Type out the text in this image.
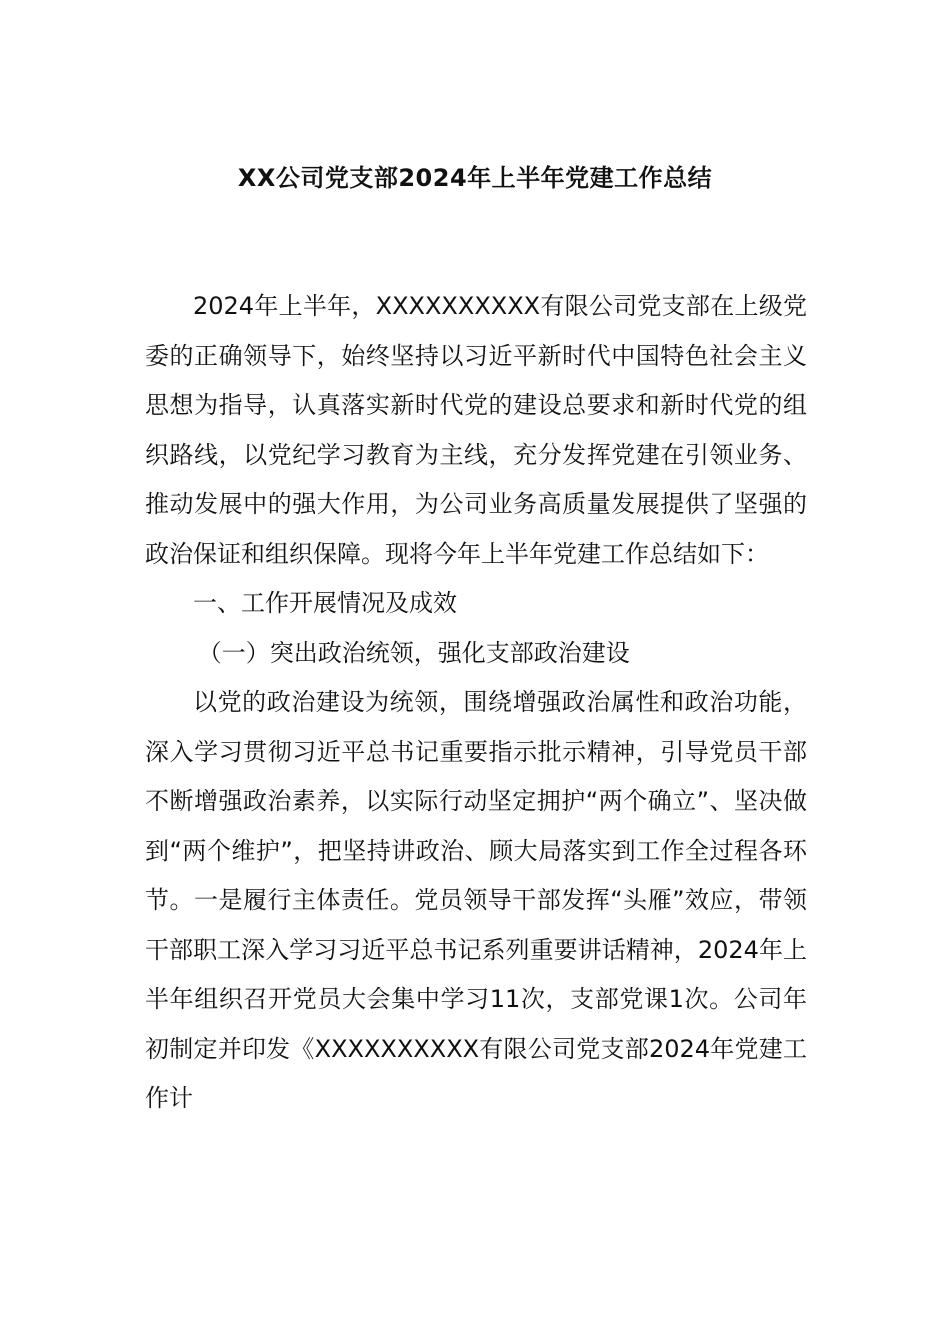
XX公司党支部2024年上半年党建工作总结

2024年上半年，XXXXXXXXXX有限公司党支部在上级党委的正确领导下，始终坚持以习近平新时代中国特色社会主义思想为指导，认真落实新时代党的建设总要求和新时代党的组织路线，以党纪学习教育为主线，充分发挥党建在引领业务、推动发展中的强大作用，为公司业务高质量发展提供了坚强的政治保证和组织保障。现将今年上半年党建工作总结如下：

一、工作开展情况及成效

（一）突出政治统领，强化支部政治建设

以党的政治建设为统领，围绕增强政治属性和政治功能，深入学习贯彻习近平总书记重要指示批示精神，引导党员干部不断增强政治素养，以实际行动坚定拥护“两个确立”、坚决做到“两个维护”，把坚持讲政治、顾大局落实到工作全过程各环节。一是履行主体责任。党员领导干部发挥“头雁”效应，带领干部职工深入学习习近平总书记系列重要讲话精神，2024年上半年组织召开党员大会集中学习11次，支部党课1次。公司年初制定并印发《XXXXXXXXXX有限公司党支部2024年党建工作计
